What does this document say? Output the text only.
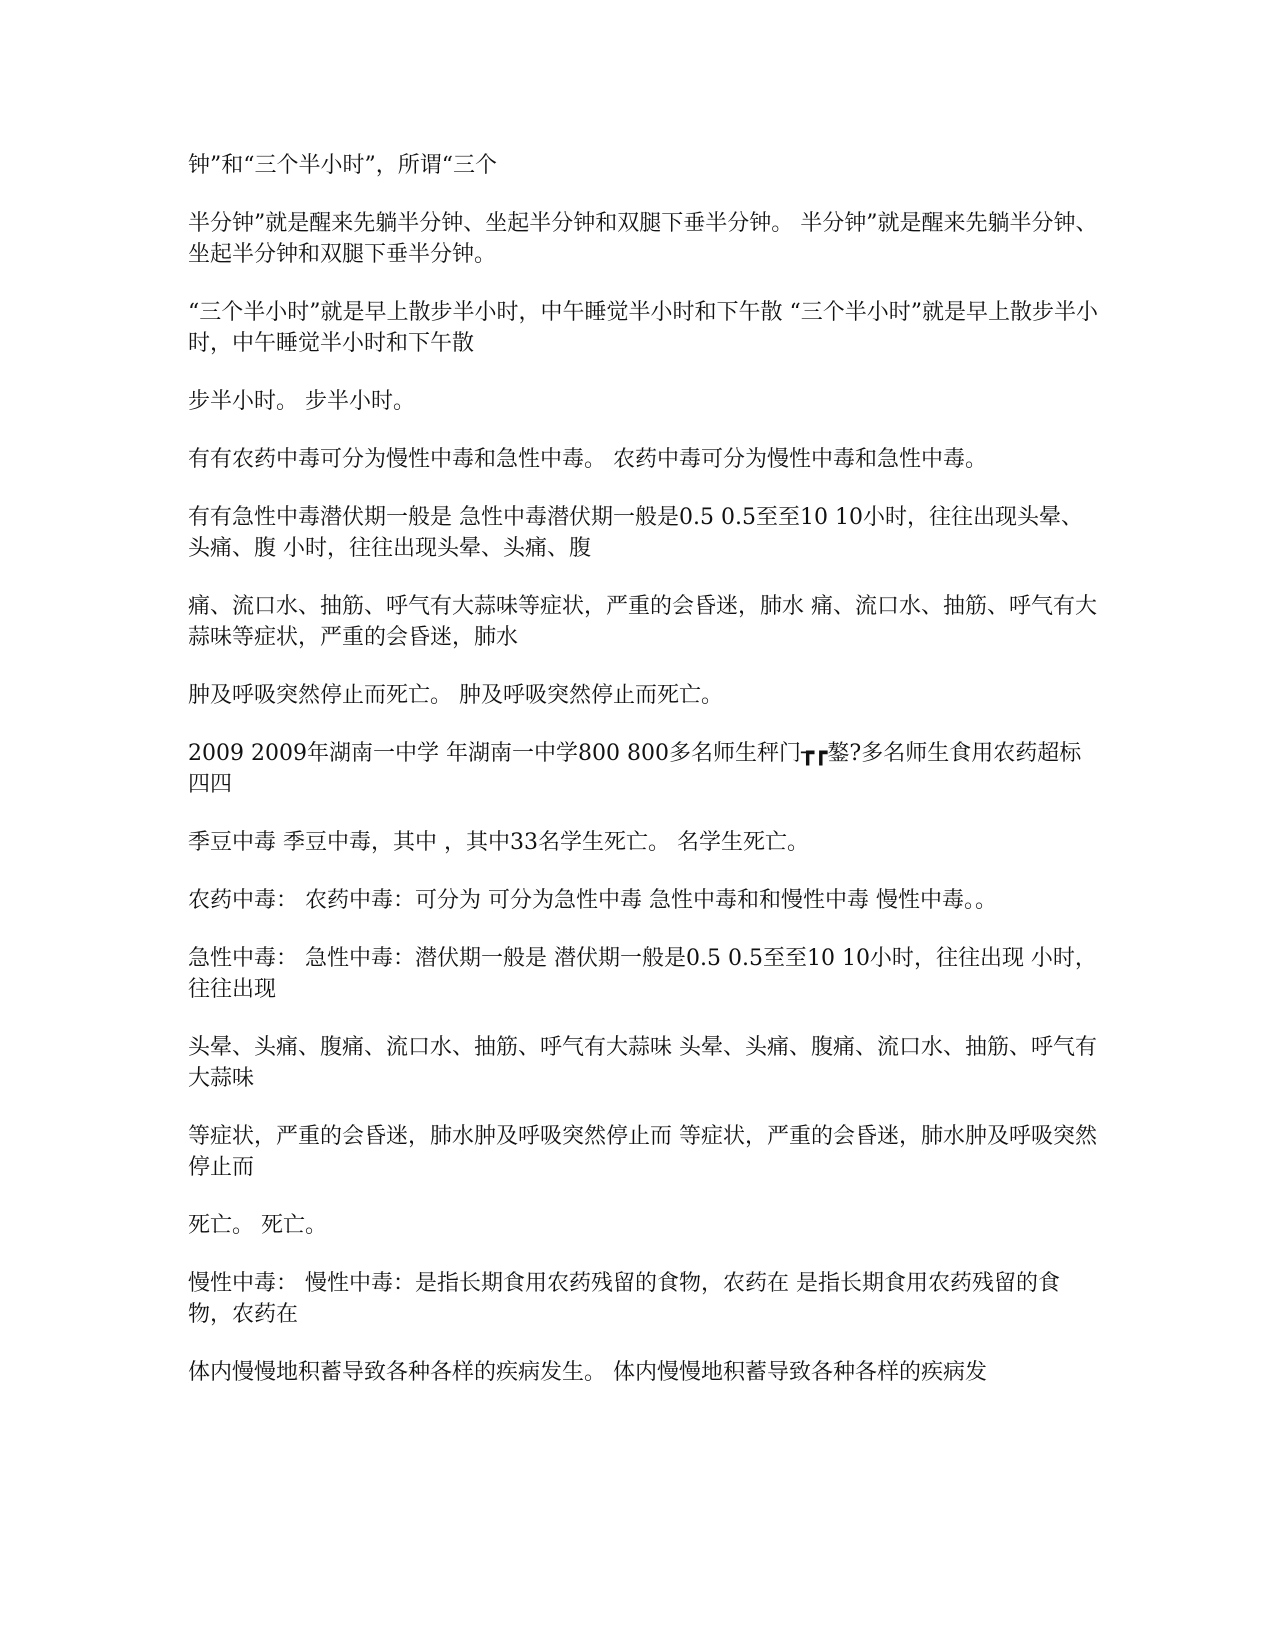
钟”和“三个半小时”，所谓“三个

半分钟”就是醒来先躺半分钟、坐起半分钟和双腿下垂半分钟。 半分钟”就是醒来先躺半分钟、坐起半分钟和双腿下垂半分钟。

“三个半小时”就是早上散步半小时，中午睡觉半小时和下午散 “三个半小时”就是早上散步半小时，中午睡觉半小时和下午散

步半小时。 步半小时。

有有农药中毒可分为慢性中毒和急性中毒。 农药中毒可分为慢性中毒和急性中毒。

有有急性中毒潜伏期一般是 急性中毒潜伏期一般是0.5 0.5至至10 10小时，往往出现头晕、头痛、腹 小时，往往出现头晕、头痛、腹

痛、流口水、抽筋、呼气有大蒜味等症状，严重的会昏迷，肺水 痛、流口水、抽筋、呼气有大蒜味等症状，严重的会昏迷，肺水

肿及呼吸突然停止而死亡。 肿及呼吸突然停止而死亡。

2009 2009年湖南一中学 年湖南一中学800 800多名师生秤门┲┏鏊?多名师生食用农药超标四四

季豆中毒 季豆中毒，其中 ，其中33名学生死亡。 名学生死亡。

农药中毒： 农药中毒：可分为 可分为急性中毒 急性中毒和和慢性中毒 慢性中毒。。

急性中毒： 急性中毒：潜伏期一般是 潜伏期一般是0.5 0.5至至10 10小时，往往出现 小时，往往出现

头晕、头痛、腹痛、流口水、抽筋、呼气有大蒜味 头晕、头痛、腹痛、流口水、抽筋、呼气有大蒜味

等症状，严重的会昏迷，肺水肿及呼吸突然停止而 等症状，严重的会昏迷，肺水肿及呼吸突然停止而

死亡。 死亡。

慢性中毒： 慢性中毒：是指长期食用农药残留的食物，农药在 是指长期食用农药残留的食物，农药在

体内慢慢地积蓄导致各种各样的疾病发生。 体内慢慢地积蓄导致各种各样的疾病发
